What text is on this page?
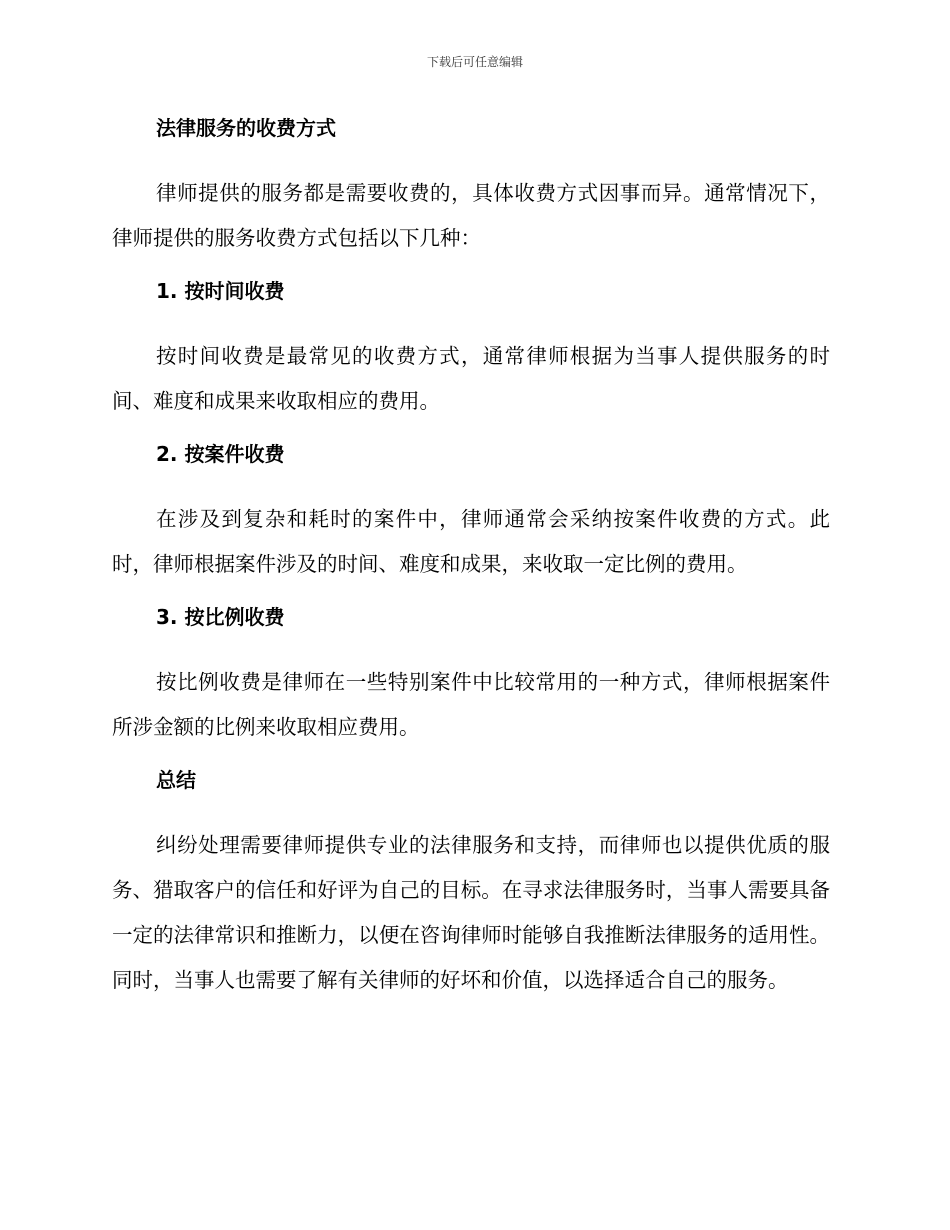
下载后可任意编辑
法律服务的收费方式

律师提供的服务都是需要收费的，具体收费方式因事而异。通常情况下，律师提供的服务收费方式包括以下几种：

1. 按时间收费

按时间收费是最常见的收费方式，通常律师根据为当事人提供服务的时间、难度和成果来收取相应的费用。

2. 按案件收费

在涉及到复杂和耗时的案件中，律师通常会采纳按案件收费的方式。此时，律师根据案件涉及的时间、难度和成果，来收取一定比例的费用。

3. 按比例收费

按比例收费是律师在一些特别案件中比较常用的一种方式，律师根据案件所涉金额的比例来收取相应费用。

总结

纠纷处理需要律师提供专业的法律服务和支持，而律师也以提供优质的服务、猎取客户的信任和好评为自己的目标。在寻求法律服务时，当事人需要具备一定的法律常识和推断力，以便在咨询律师时能够自我推断法律服务的适用性。同时，当事人也需要了解有关律师的好坏和价值，以选择适合自己的服务。
